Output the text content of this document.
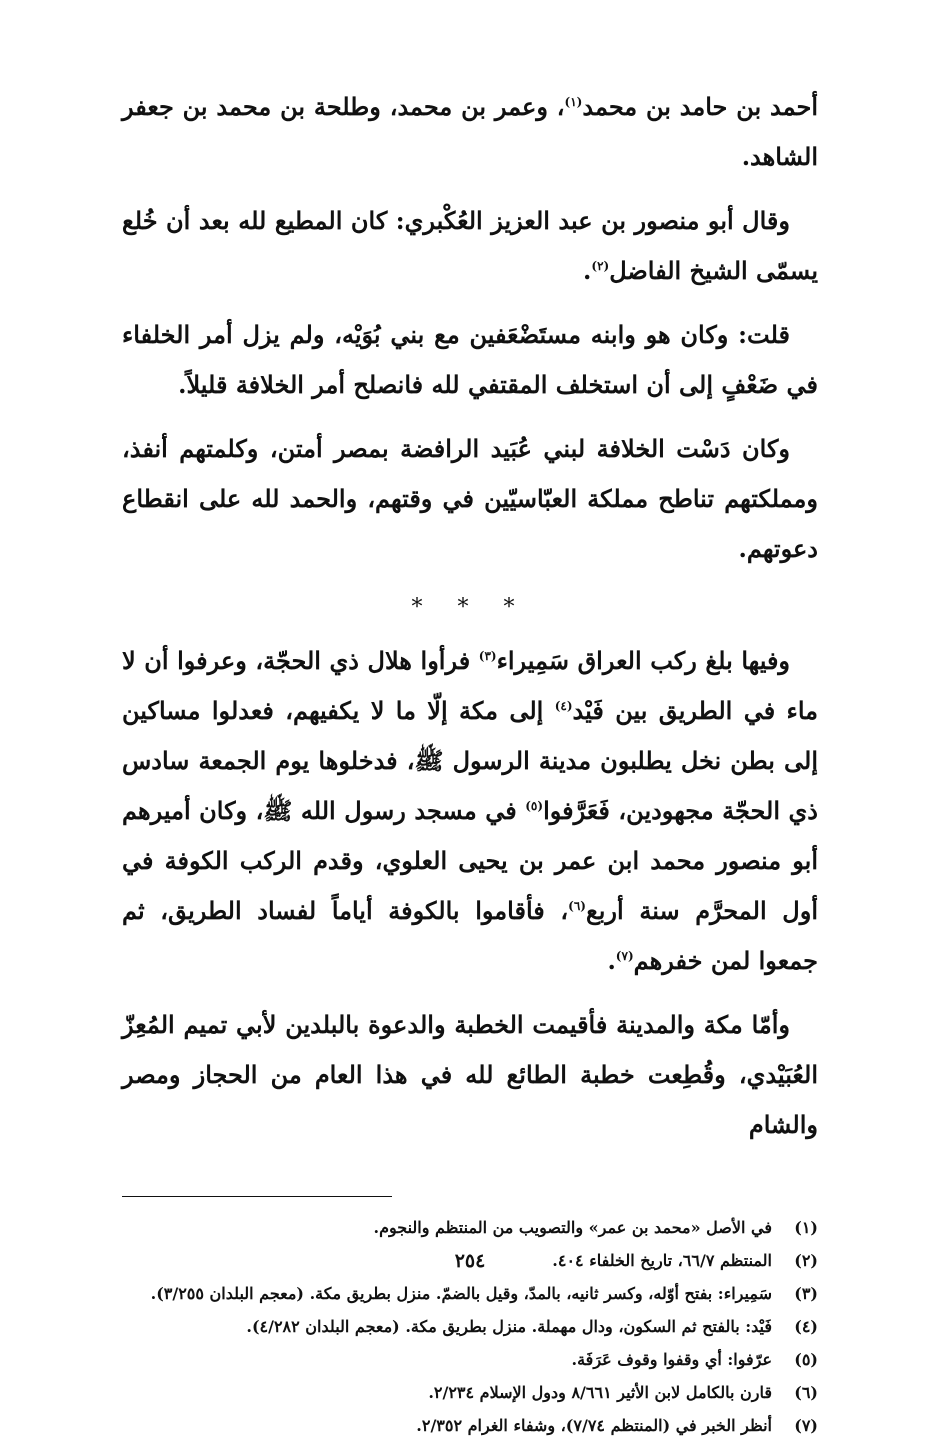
أحمد بن حامد بن محمد$^{(١)}$، وعمر بن محمد، وطلحة بن محمد بن جعفر الشاهد.

وقال أبو منصور بن عبد العزيز العُكْبري: كان المطيع لله بعد أن خُلع يسمّى الشيخ الفاضل$^{(٢)}$.

قلت: وكان هو وابنه مستَضْعَفين مع بني بُوَيْه، ولم يزل أمر الخلفاء في ضَعْفٍ إلى أن استخلف المقتفي لله فانصلح أمر الخلافة قليلاً.

وكان دَسْت الخلافة لبني عُبَيد الرافضة بمصر أمتن، وكلمتهم أنفذ، ومملكتهم تناطح مملكة العبّاسيّين في وقتهم، والحمد لله على انقطاع دعوتهم.

* * *

وفيها بلغ ركب العراق سَمِيراء$^{(٣)}$ فرأوا هلال ذي الحجّة، وعرفوا أن لا ماء في الطريق بين فَيْد$^{(٤)}$ إلى مكة إلّا ما لا يكفيهم، فعدلوا مساكين إلى بطن نخل يطلبون مدينة الرسول ﷺ، فدخلوها يوم الجمعة سادس ذي الحجّة مجهودين، فَعَرَّفوا$^{(٥)}$ في مسجد رسول الله ﷺ، وكان أميرهم أبو منصور محمد ابن عمر بن يحيى العلوي، وقدم الركب الكوفة في أول المحرَّم سنة أربع$^{(٦)}$، فأقاموا بالكوفة أياماً لفساد الطريق، ثم جمعوا لمن خفرهم$^{(٧)}$.

وأمّا مكة والمدينة فأقيمت الخطبة والدعوة بالبلدين لأبي تميم المُعِزّ العُبَيْدي، وقُطِعت خطبة الطائع لله في هذا العام من الحجاز ومصر والشام

(١)
في الأصل «محمد بن عمر» والتصويب من المنتظم والنجوم.
(٢)
المنتظم ٦٦/٧، تاريخ الخلفاء ٤٠٤.
(٣)
سَمِيراء: بفتح أوّله، وكسر ثانيه، بالمدّ، وقيل بالضمّ. منزل بطريق مكة. (معجم البلدان ٣/٢٥٥).
(٤)
فَيْد: بالفتح ثم السكون، ودال مهملة. منزل بطريق مكة. (معجم البلدان ٤/٢٨٢).
(٥)
عرّفوا: أي وقفوا وقوف عَرَفَة.
(٦)
قارن بالكامل لابن الأثير ٨/٦٦١ ودول الإسلام ٢/٢٣٤.
(٧)
أنظر الخبر في (المنتظم ٧/٧٤)، وشفاء الغرام ٢/٣٥٢.
٢٥٤
